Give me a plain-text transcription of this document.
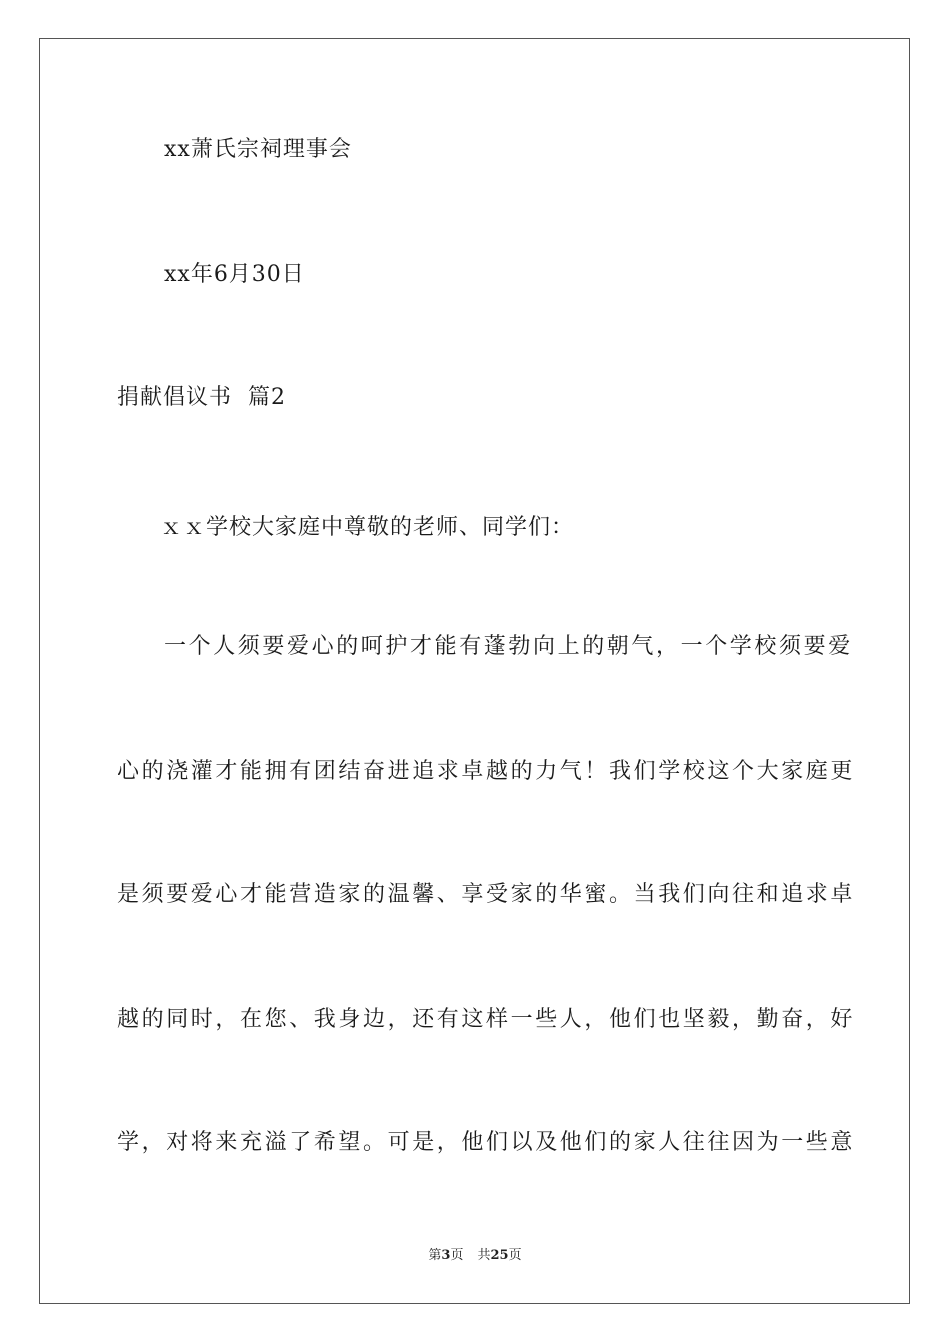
xx萧氏宗祠理事会
xx年6月30日
捐献倡议书  篇2
ｘｘ学校大家庭中尊敬的老师、同学们：
一个人须要爱心的呵护才能有蓬勃向上的朝气，一个学校须要爱
心的浇灌才能拥有团结奋进追求卓越的力气！我们学校这个大家庭更
是须要爱心才能营造家的温馨、享受家的华蜜。当我们向往和追求卓
越的同时，在您、我身边，还有这样一些人，他们也坚毅，勤奋，好
学，对将来充溢了希望。可是，他们以及他们的家人往往因为一些意
第3页 共25页
